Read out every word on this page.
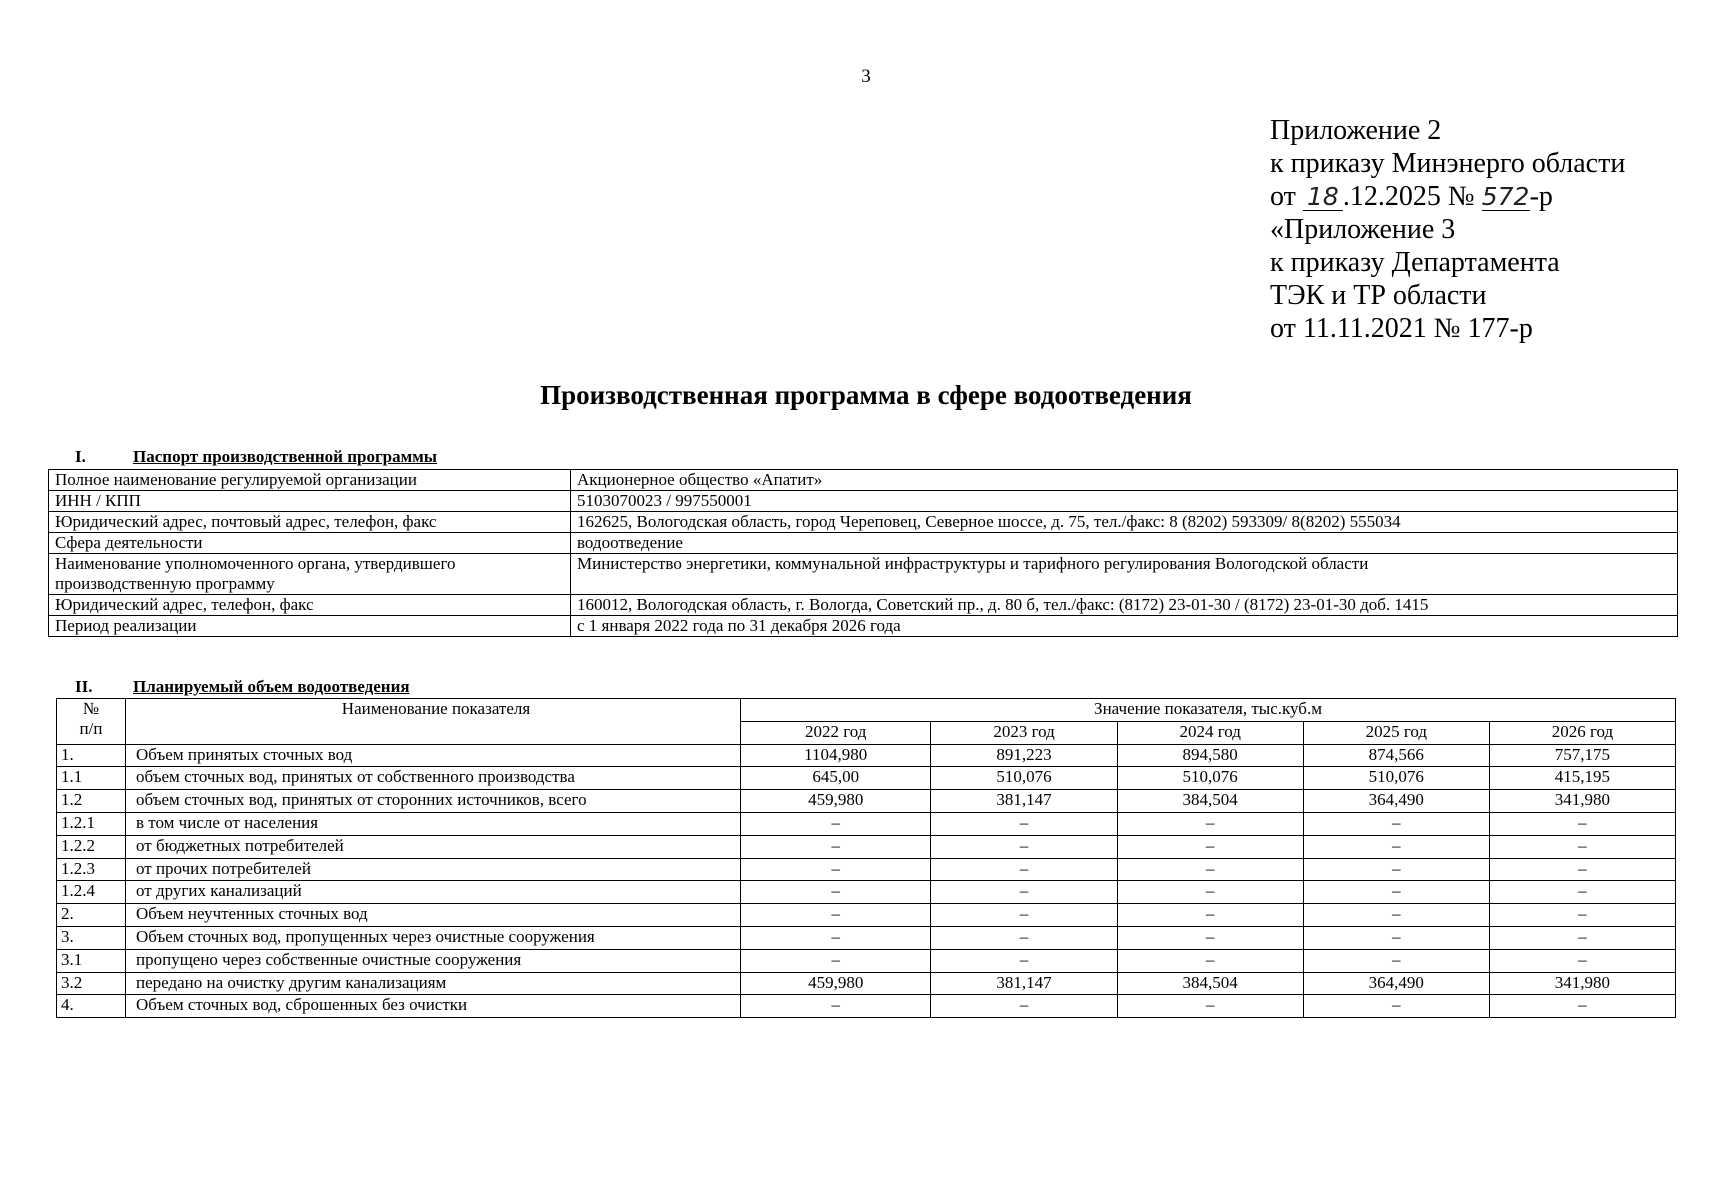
3
Приложение 2
к приказу Минэнерго области
от 18 .12.2025 № 572-р
«Приложение 3
к приказу Департамента
ТЭК и ТР области
от 11.11.2021 № 177-р
Производственная программа в сфере водоотведения
I.	Паспорт производственной программы
Полное наименование регулируемой организации	Акционерное общество «Апатит»
ИНН / КПП	5103070023 / 997550001
Юридический адрес, почтовый адрес, телефон, факс	162625, Вологодская область, город Череповец, Северное шоссе, д. 75, тел./факс: 8 (8202) 593309/ 8(8202) 555034
Сфера деятельности	водоотведение
Наименование уполномоченного органа, утвердившего производственную программу	Министерство энергетики, коммунальной инфраструктуры и тарифного регулирования Вологодской области
Юридический адрес, телефон, факс	160012, Вологодская область, г. Вологда, Советский пр., д. 80 б, тел./факс: (8172) 23-01-30 / (8172) 23-01-30 доб. 1415
Период реализации	с 1 января 2022 года по 31 декабря 2026 года
II. Планируемый объем водоотведения
№
п/п	Наименование показателя	Значение показателя, тыс.куб.м				
		2022 год	2023 год	2024 год	2025 год	2026 год
1.	Объем принятых сточных вод	1104,980	891,223	894,580	874,566	757,175
1.1	объем сточных вод, принятых от собственного производства	645,00	510,076	510,076	510,076	415,195
1.2	объем сточных вод, принятых от сторонних источников, всего	459,980	381,147	384,504	364,490	341,980
1.2.1	в том числе от населения	–	–	–	–	–
1.2.2	от бюджетных потребителей	–	–	–	–	–
1.2.3	от прочих потребителей	–	–	–	–	–
1.2.4	от других канализаций	–	–	–	–	–
2.	Объем неучтенных сточных вод	–	–	–	–	–
3.	Объем сточных вод, пропущенных через очистные сооружения	–	–	–	–	–
3.1	пропущено через собственные очистные сооружения	–	–	–	–	–
3.2	передано на очистку другим канализациям	459,980	381,147	384,504	364,490	341,980
4.	Объем сточных вод, сброшенных без очистки	–	–	–	–	–
